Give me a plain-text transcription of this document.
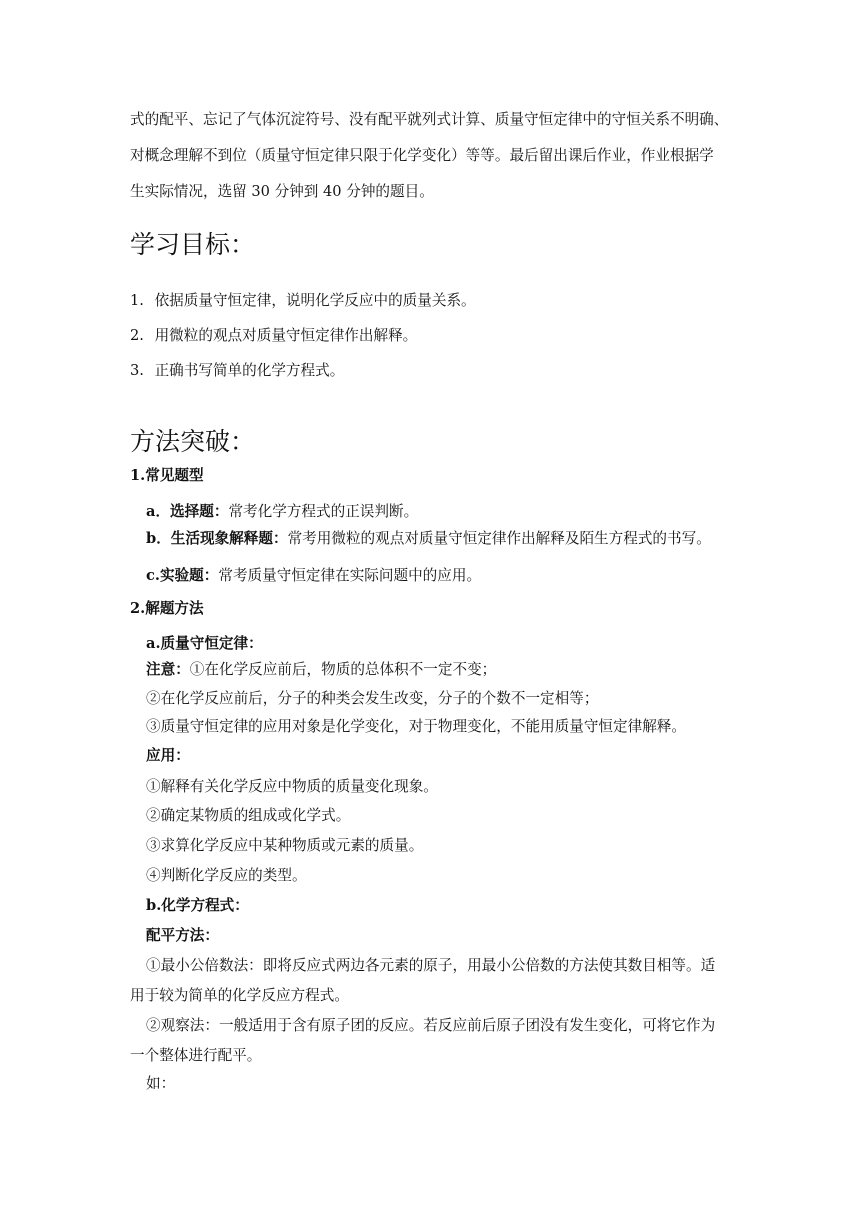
式的配平、忘记了气体沉淀符号、没有配平就列式计算、质量守恒定律中的守恒关系不明确、
对概念理解不到位（质量守恒定律只限于化学变化）等等。最后留出课后作业，作业根据学
生实际情况，选留 30 分钟到 40 分钟的题目。
学习目标：
1. 依据质量守恒定律，说明化学反应中的质量关系。
2. 用微粒的观点对质量守恒定律作出解释。
3. 正确书写简单的化学方程式。
方法突破：
1.常见题型
a．选择题：常考化学方程式的正误判断。
b．生活现象解释题：常考用微粒的观点对质量守恒定律作出解释及陌生方程式的书写。
c.实验题：常考质量守恒定律在实际问题中的应用。
2.解题方法
a.质量守恒定律：
注意：①在化学反应前后，物质的总体积不一定不变；
②在化学反应前后，分子的种类会发生改变，分子的个数不一定相等；
③质量守恒定律的应用对象是化学变化，对于物理变化，不能用质量守恒定律解释。
应用：
①解释有关化学反应中物质的质量变化现象。
②确定某物质的组成或化学式。
③求算化学反应中某种物质或元素的质量。
④判断化学反应的类型。
b.化学方程式：
配平方法：
①最小公倍数法：即将反应式两边各元素的原子，用最小公倍数的方法使其数目相等。适
用于较为简单的化学反应方程式。
②观察法：一般适用于含有原子团的反应。若反应前后原子团没有发生变化，可将它作为
一个整体进行配平。
如：
